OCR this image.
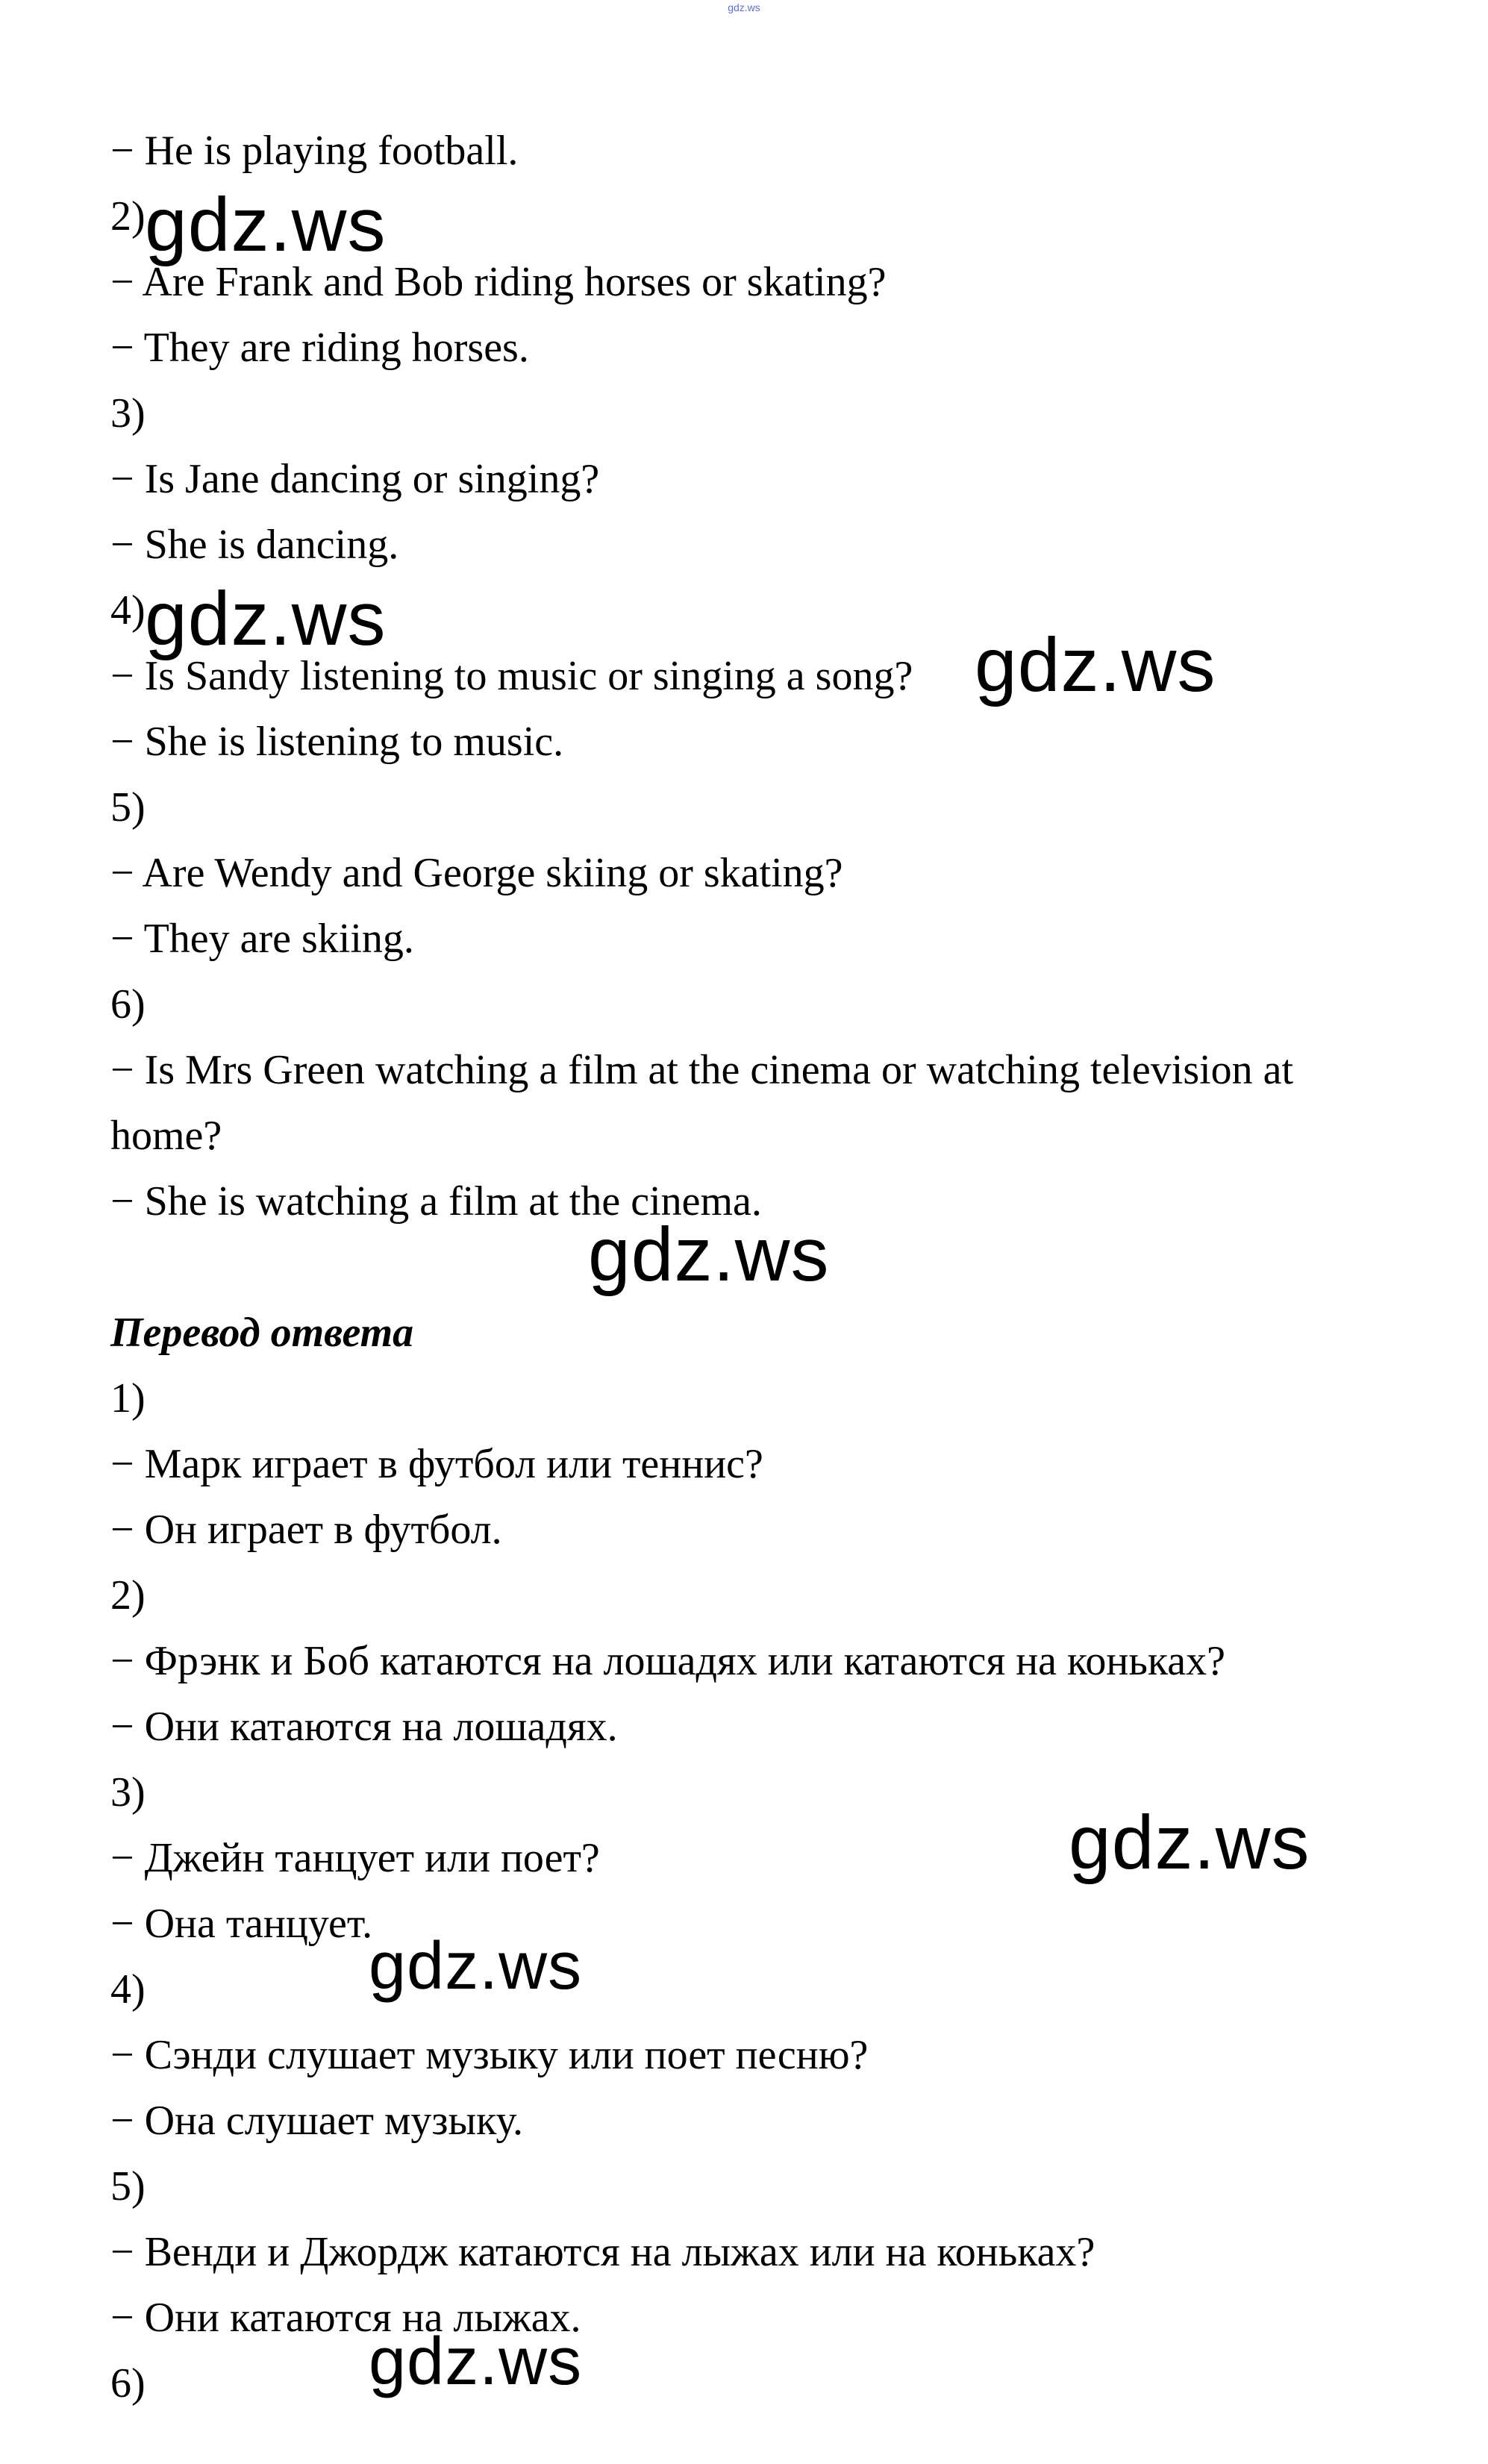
gdz.ws
− He is playing football.
2)
− Are Frank and Bob riding horses or skating?
− They are riding horses.
3)
− Is Jane dancing or singing?
− She is dancing.
4)
− Is Sandy listening to music or singing a song?
− She is listening to music.
5)
− Are Wendy and George skiing or skating?
− They are skiing.
6)
− Is Mrs Green watching a film at the cinema or watching television at
home?
− She is watching a film at the cinema.
Перевод ответа
1)
− Марк играет в футбол или теннис?
− Он играет в футбол.
2)
− Фрэнк и Боб катаются на лошадях или катаются на коньках?
− Они катаются на лошадях.
3)
− Джейн танцует или поет?
− Она танцует.
4)
− Сэнди слушает музыку или поет песню?
− Она слушает музыку.
5)
− Венди и Джордж катаются на лыжах или на коньках?
− Они катаются на лыжах.
6)
gdz.ws
gdz.ws
gdz.ws
gdz.ws
gdz.ws
gdz.ws
gdz.ws
